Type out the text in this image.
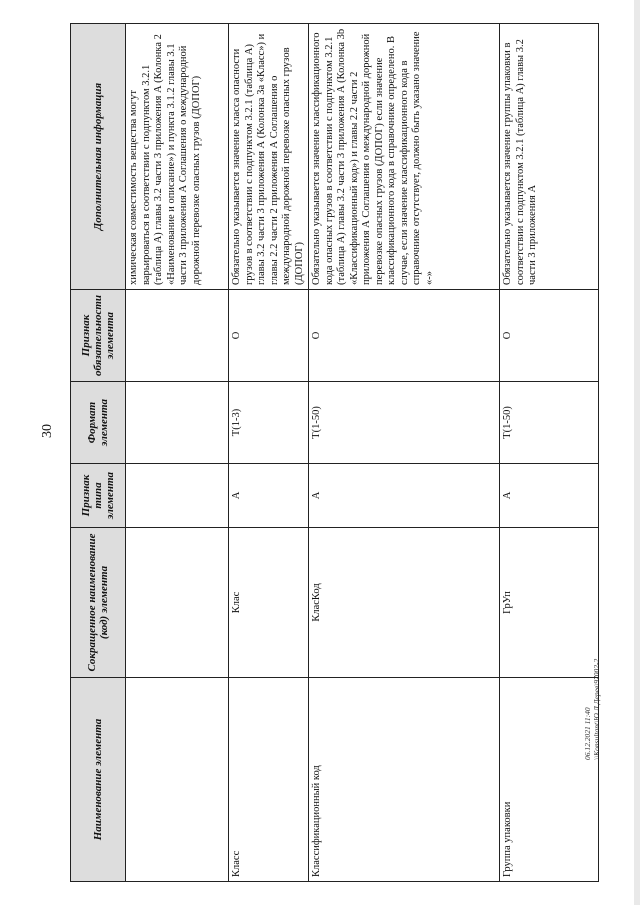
30
06.12.2021 11:40 \\Konsultant\Ю.Л.Дерев\97002-2
Наименование элемента	Сокращенное наименование (код) элемента	Признак типа элемента	Формат элемента	Признак обязательности элемента	Дополнительная информация
					химическая совместимость вещества могут варьироваться в соответствии с подпунктом 3.2.1 (таблица А) главы 3.2 части 3 приложения А (Колонка 2 «Наименование и описание») и пункта 3.1.2 главы 3.1 части 3 приложения А Соглашения о международной дорожной перевозке опасных грузов (ДОПОГ)
Класс	Клас	А	Т(1-3)	О	Обязательно указывается значение класса опасности грузов в соответствии с подпунктом 3.2.1 (таблица А) главы 3.2 части 3 приложения А (Колонка 3а «Класс») и главы 2.2 части 2 приложения А Соглашения о международной дорожной перевозке опасных грузов (ДОПОГ)
Классификационный код	КласКод	А	Т(1-50)	О	Обязательно указывается значение классификационного кода опасных грузов в соответствии с подпунктом 3.2.1 (таблица А) главы 3.2 части 3 приложения А (Колонка 3b «Классификационный код») и главы 2.2 части 2 приложения А Соглашения о международной дорожной перевозке опасных грузов (ДОПОГ) если значение классификационного кода в справочнике определено. В случае, если значение классификационного кода в справочнике отсутствует, должно быть указано значение «-»
Группа упаковки	ГрУп	А	Т(1-50)	О	Обязательно указывается значение группы упаковки в соответствии с подпунктом 3.2.1 (таблица А) главы 3.2 части 3 приложения А
